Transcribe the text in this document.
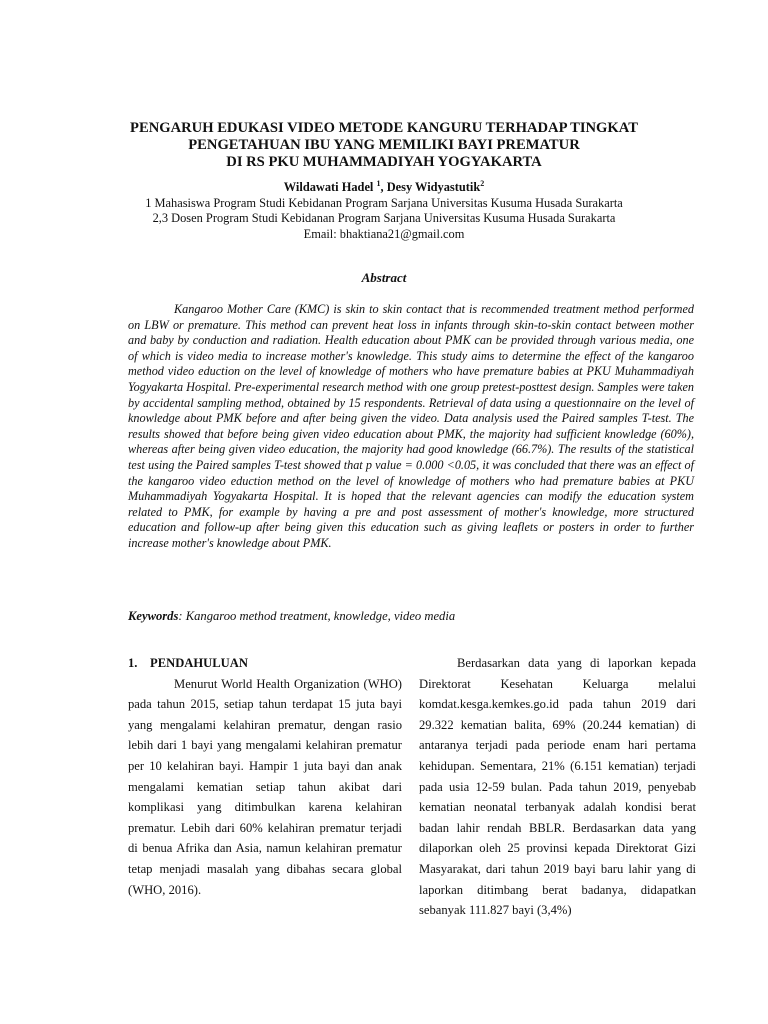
PENGARUH EDUKASI VIDEO METODE KANGURU TERHADAP TINGKAT
PENGETAHUAN IBU YANG MEMILIKI BAYI PREMATUR
DI RS PKU MUHAMMADIYAH YOGYAKARTA
Wildawati Hadel $^1$, Desy Widyastutik$^2$
1 Mahasiswa Program Studi Kebidanan Program Sarjana Universitas Kusuma Husada Surakarta
2,3 Dosen Program Studi Kebidanan Program Sarjana Universitas Kusuma Husada Surakarta
Email: bhaktiana21@gmail.com
Abstract
Kangaroo Mother Care (KMC) is skin to skin contact that is recommended treatment method performed on LBW or premature. This method can prevent heat loss in infants through skin-to-skin contact between mother and baby by conduction and radiation. Health education about PMK can be provided through various media, one of which is video media to increase mother's knowledge. This study aims to determine the effect of the kangaroo method video eduction on the level of knowledge of mothers who have premature babies at PKU Muhammadiyah Yogyakarta Hospital. Pre-experimental research method with one group pretest-posttest design. Samples were taken by accidental sampling method, obtained by 15 respondents. Retrieval of data using a questionnaire on the level of knowledge about PMK before and after being given the video. Data analysis used the Paired samples T-test. The results showed that before being given video education about PMK, the majority had sufficient knowledge (60%), whereas after being given video education, the majority had good knowledge (66.7%). The results of the statistical test using the Paired samples T-test showed that p value = 0.000 <0.05, it was concluded that there was an effect of the kangaroo video eduction method on the level of knowledge of mothers who had premature babies at PKU Muhammadiyah Yogyakarta Hospital. It is hoped that the relevant agencies can modify the education system related to PMK, for example by having a pre and post assessment of mother's knowledge, more structured education and follow-up after being given this education such as giving leaflets or posters in order to further increase mother's knowledge about PMK.
Keywords: Kangaroo method treatment, knowledge, video media
1. PENDAHULUAN
Menurut World Health Organization (WHO) pada tahun 2015, setiap tahun terdapat 15 juta bayi yang mengalami kelahiran prematur, dengan rasio lebih dari 1 bayi yang mengalami kelahiran prematur per 10 kelahiran bayi. Hampir 1 juta bayi dan anak mengalami kematian setiap tahun akibat dari komplikasi yang ditimbulkan karena kelahiran prematur. Lebih dari 60% kelahiran prematur terjadi di benua Afrika dan Asia, namun kelahiran prematur tetap menjadi masalah yang dibahas secara global (WHO, 2016).
Berdasarkan data yang di laporkan kepada Direktorat Kesehatan Keluarga melalui komdat.kesga.kemkes.go.id pada tahun 2019 dari 29.322 kematian balita, 69% (20.244 kematian) di antaranya terjadi pada periode enam hari pertama kehidupan. Sementara, 21% (6.151 kematian) terjadi pada usia 12-59 bulan. Pada tahun 2019, penyebab kematian neonatal terbanyak adalah kondisi berat badan lahir rendah BBLR. Berdasarkan data yang dilaporkan oleh 25 provinsi kepada Direktorat Gizi Masyarakat, dari tahun 2019 bayi baru lahir yang di laporkan ditimbang berat badanya, didapatkan sebanyak 111.827 bayi (3,4%)
